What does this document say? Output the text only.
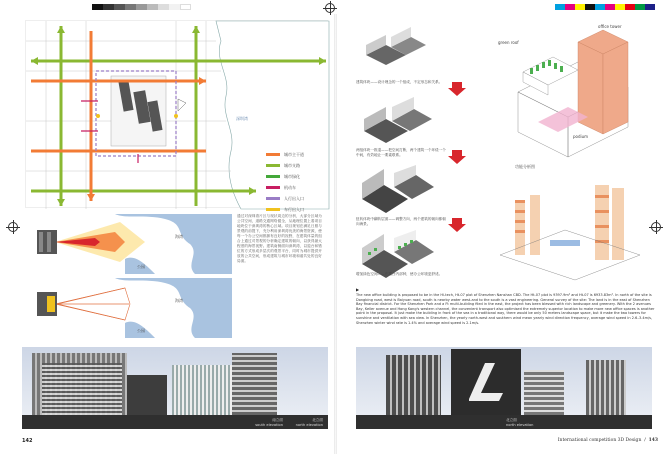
深圳湾
城市主干道
城市支路
城市绿化
机动车
人行出入口
车行出入口
海湾
公园
海湾
公园
通过对深圳湾片区与现状周边的分析，大部分区域为公共空间，道路交通网络健全，从地理位置上看项目地块位于深圳湾的核心区域。项目规划在满足日照与景观的前提下，充分利用深圳湾优美的海景资源，使每一个办公空间都拥有良好的视野，在建筑体量的组合上通过对景观的分析确定建筑的朝向，以获得最大程度的海景视野。建筑南侧面向深圳湾，以退台和错位的方式形成多层次的观景平台，同时为城市提供开放的公共空间，形成建筑与城市环境和谐共处的良好局面。
南立面
south elevation
北立面
north elevation
142
建筑体块——设计理念的一个组成，不定形态和关系。
两组体块一推退——把空间打断，两个建筑一个环绕一个中间，有效地让一要素联系。
扭转体块中翻转层面——调整方向，两个建筑的朝向都朝向海景。
增加绿色空间——在露台内部种，使办公环境更舒适。
green roof
office tower
podium
功能分析图
▶
The new office building is proposed to be in the Hi-tech, Ht-07 plot of Shenzhen Nanshan CBD. The Ht-07 plot is 9397.9m² and Ht-07 is 6933.83m². In north of the site is Dongbing road, west is Baiyuan road, south is nearby water west-and to the south is a vast engineering. General survey of the site: The land is in the east of Shenzhen Bay financial district. For the Shenzhen Park and a Ft multi-building filed in the east, the project has been blessed with rich landscape and greenery. With the 2 avenues Bay, Keller avenue and Hong Kong's western channel, the convenient transport also optimised the extremely superior location to make more new office spaces is another point in the proposal. It just make the building in front of the sea in a traditional way, there would be only 50 meters landscape space, but it make the two towers for sunshine and ventilation with sea view. In Shenzhen, the yearly north-west and southern wind mean yearly wind direction frequency, average wind speed in 2.6–3.4m/s, Shenzhen winter wind rate is 1.4% and average wind speed is 2.1m/s.
北立面
north elevation
International competition 3D Design  /  143
